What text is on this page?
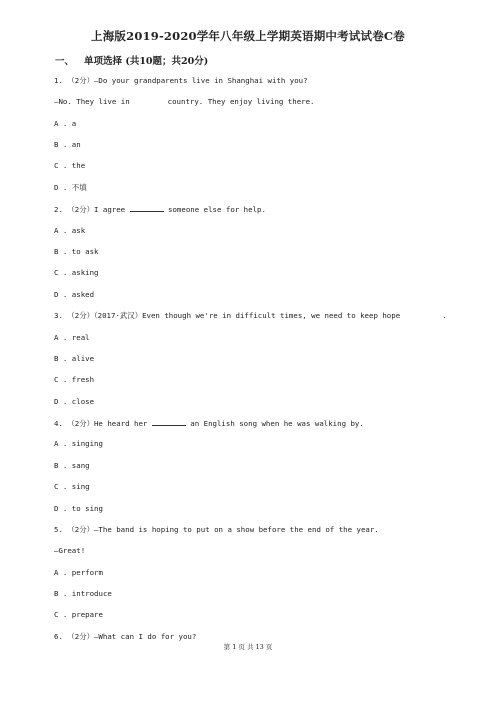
上海版2019-2020学年八年级上学期英语期中考试试卷C卷
一、 单项选择 (共10题；共20分)
1. （2分）—Do your grandparents live in Shanghai with you?
—No. They live in	country. They enjoy living there.
A . a
B . an
C . the
D . 不填
2. （2分）I agree	someone else for help.
A . ask
B . to ask
C . asking
D . asked
3. （2分）（2017·武汉）Even though we're in difficult times, we need to keep hope	.
A . real
B . alive
C . fresh
D . close
4. （2分）He heard her	an English song when he was walking by.
A . singing
B . sang
C . sing
D . to sing
5. （2分）—The band is hoping to put on a show before the end of the year.
—Great!
A . perform
B . introduce
C . prepare
6. （2分）—What can I do for you?
第 1 页 共 13 页
